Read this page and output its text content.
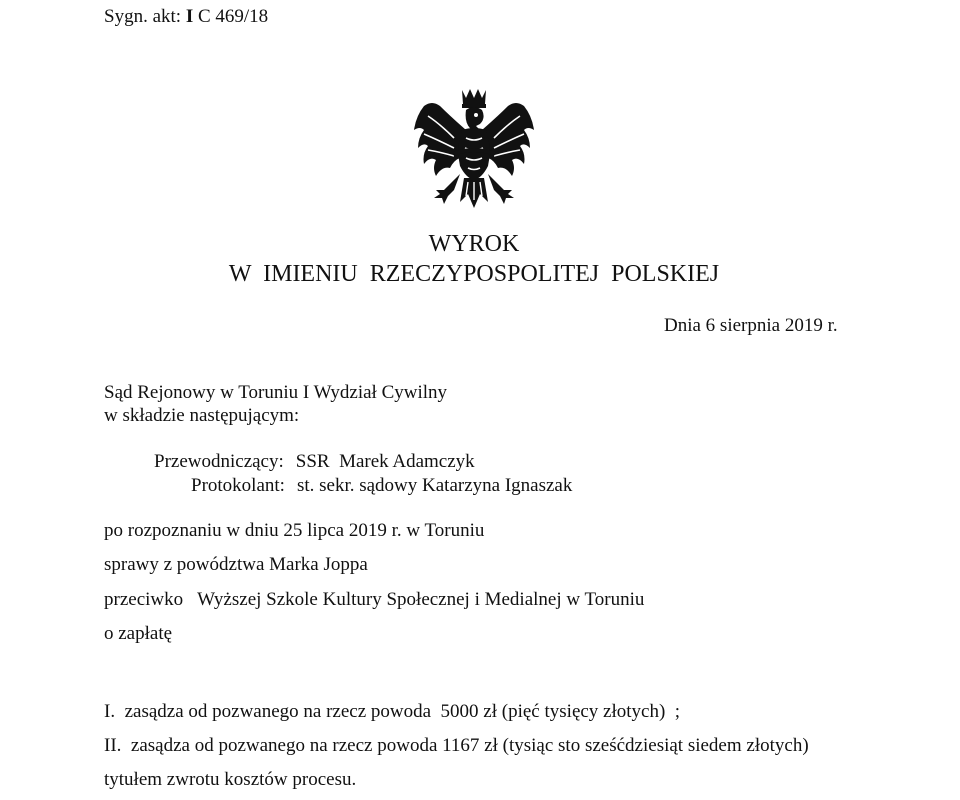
Sygn. akt: I C 469/18
WYROK
W IMIENIU RZECZYPOSPOLITEJ POLSKIEJ
Dnia 6 sierpnia 2019 r.
Sąd Rejonowy w Toruniu I Wydział Cywilny
w składzie następującym:
Przewodniczący: SSR  Marek Adamczyk
Protokolant: st. sekr. sądowy Katarzyna Ignaszak
po rozpoznaniu w dniu 25 lipca 2019 r. w Toruniu
sprawy z powództwa Marka Joppa
przeciwko Wyższej Szkole Kultury Społecznej i Medialnej w Toruniu
o zapłatę
I.  zasądza od pozwanego na rzecz powoda  5000 zł (pięć tysięcy złotych)  ;
II.  zasądza od pozwanego na rzecz powoda 1167 zł (tysiąc sto sześćdziesiąt siedem złotych)
tytułem zwrotu kosztów procesu.
